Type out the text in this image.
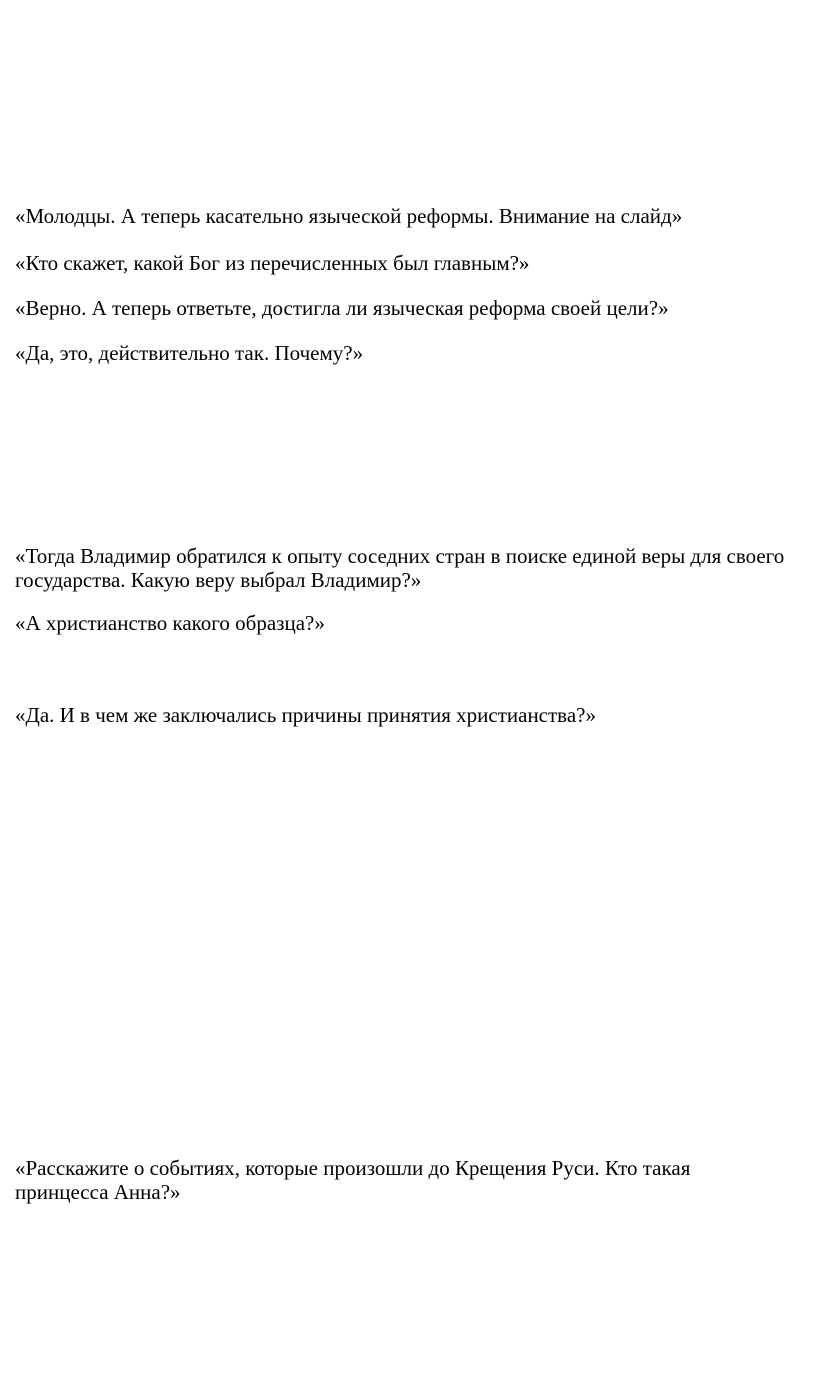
«Молодцы. А теперь касательно языческой реформы. Внимание на слайд»

«Кто скажет, какой Бог из перечисленных был главным?»

«Верно. А теперь ответьте, достигла ли языческая реформа своей цели?»

«Да, это, действительно так. Почему?»

«Тогда Владимир обратился к опыту соседних стран в поиске единой веры для своего государства. Какую веру выбрал Владимир?»

«А христианство какого образца?»

«Да. И в чем же заключались причины принятия христианства?»

«Расскажите о событиях, которые произошли до Крещения Руси. Кто такая принцесса Анна?»
